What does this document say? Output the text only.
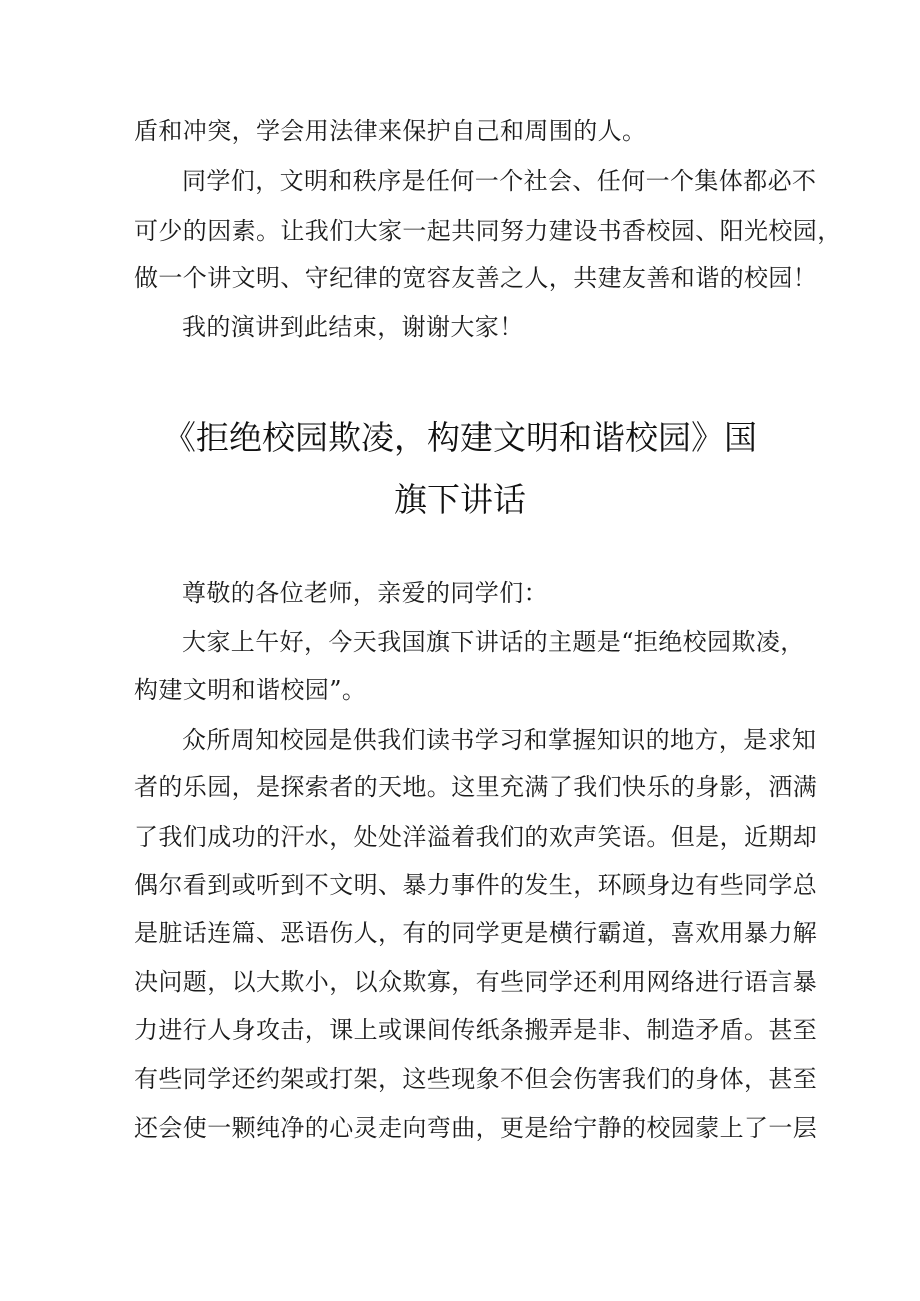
盾和冲突，学会用法律来保护自己和周围的人。
同学们，文明和秩序是任何一个社会、任何一个集体都必不
可少的因素。让我们大家一起共同努力建设书香校园、阳光校园，
做一个讲文明、守纪律的宽容友善之人，共建友善和谐的校园！
我的演讲到此结束，谢谢大家！
《拒绝校园欺凌，构建文明和谐校园》国
旗下讲话
尊敬的各位老师，亲爱的同学们：
大家上午好，今天我国旗下讲话的主题是“拒绝校园欺凌，
构建文明和谐校园”。
众所周知校园是供我们读书学习和掌握知识的地方，是求知
者的乐园，是探索者的天地。这里充满了我们快乐的身影，洒满
了我们成功的汗水，处处洋溢着我们的欢声笑语。但是，近期却
偶尔看到或听到不文明、暴力事件的发生，环顾身边有些同学总
是脏话连篇、恶语伤人，有的同学更是横行霸道，喜欢用暴力解
决问题，以大欺小，以众欺寡，有些同学还利用网络进行语言暴
力进行人身攻击，课上或课间传纸条搬弄是非、制造矛盾。甚至
有些同学还约架或打架，这些现象不但会伤害我们的身体，甚至
还会使一颗纯净的心灵走向弯曲，更是给宁静的校园蒙上了一层
